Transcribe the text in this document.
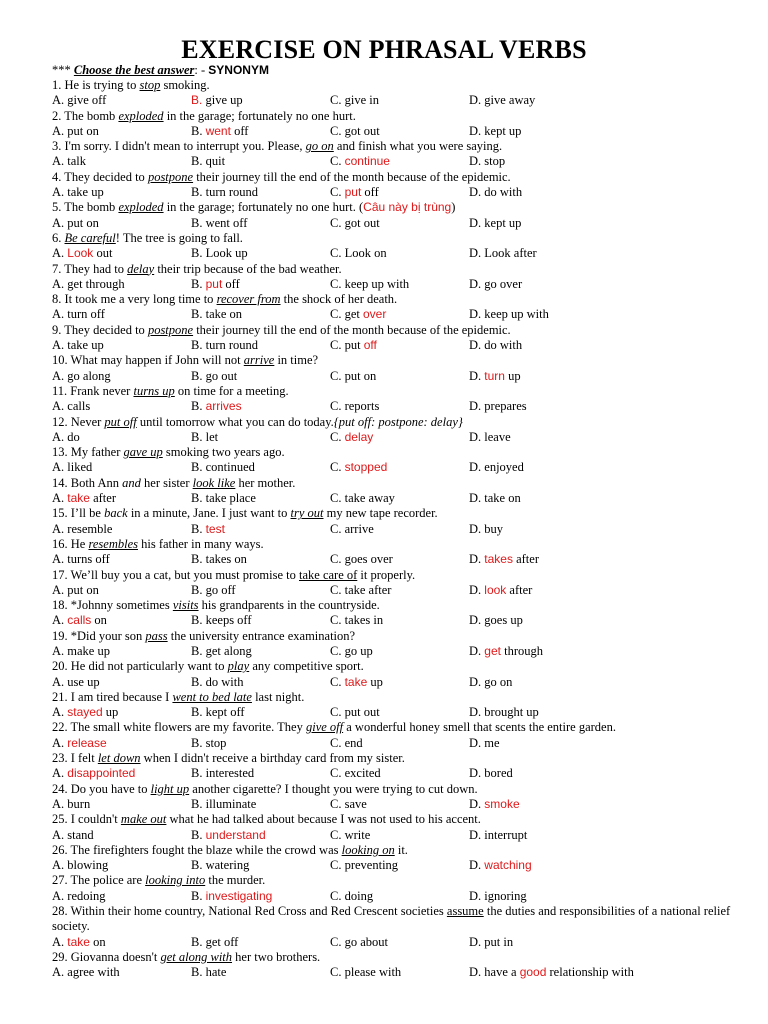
EXERCISE ON PHRASAL VERBS
*** Choose the best answer: - SYNONYM
1. He is trying to stop smoking.
A. give off	B. give up	C. give in	D. give away
2. The bomb exploded in the garage; fortunately no one hurt.
A. put on	B. went off	C. got out	D. kept up
3. I'm sorry. I didn't mean to interrupt you. Please, go on and finish what you were saying.
A. talk	B. quit	C. continue	D. stop
4. They decided to postpone their journey till the end of the month because of the epidemic.
A. take up	B. turn round	C. put off	D. do with
5. The bomb exploded in the garage; fortunately no one hurt. (Câu này bị trùng)
A. put on	B. went off	C. got out	D. kept up
6. Be careful! The tree is going to fall.
A. Look out	B. Look up	C. Look on	D. Look after
7. They had to delay their trip because of the bad weather.
A. get through	B. put off	C. keep up with	D. go over
8. It took me a very long time to recover from the shock of her death.
A. turn off	B. take on	C. get over	D. keep up with
9. They decided to postpone their journey till the end of the month because of the epidemic.
A. take up	B. turn round	C. put off	D. do with
10. What may happen if John will not arrive in time?
A. go along	B. go out	C. put on	D. turn up
11. Frank never turns up on time for a meeting.
A. calls	B. arrives	C. reports	D. prepares
12. Never put off until tomorrow what you can do today.{put off: postpone: delay}
A. do	B. let	C. delay	D. leave
13. My father gave up smoking two years ago.
A. liked	B. continued	C. stopped	D. enjoyed
14. Both Ann and her sister look like her mother.
A. take after	B. take place	C. take away	D. take on
15. I’ll be back in a minute, Jane. I just want to try out my new tape recorder.
A. resemble	B. test	C. arrive	D. buy
16. He resembles his father in many ways.
A. turns off	B. takes on	C. goes over	D. takes after
17. We’ll buy you a cat, but you must promise to take care of it properly.
A. put on	B. go off	C. take after	D. look after
18. *Johnny sometimes visits his grandparents in the countryside.
A. calls on	B. keeps off	C. takes in	D. goes up
19. *Did your son pass the university entrance examination?
A. make up	B. get along	C. go up	D. get through
20. He did not particularly want to play any competitive sport.
A. use up	B. do with	C. take up	D. go on
21. I am tired because I went to bed late last night.
A. stayed up	B. kept off	C. put out	D. brought up
22. The small white flowers are my favorite. They give off a wonderful honey smell that scents the entire garden.
A. release	B. stop	C. end	D. me
23. I felt let down when I didn't receive a birthday card from my sister.
A. disappointed	B. interested	C. excited	D. bored
24. Do you have to light up another cigarette? I thought you were trying to cut down.
A. burn	B. illuminate	C. save	D. smoke
25. I couldn't make out what he had talked about because I was not used to his accent.
A. stand	B. understand	C. write	D. interrupt
26. The firefighters fought the blaze while the crowd was looking on it.
A. blowing	B. watering	C. preventing	D. watching
27. The police are looking into the murder.
A. redoing	B. investigating	C. doing	D. ignoring
28. Within their home country, National Red Cross and Red Crescent societies assume the duties and responsibilities of a national relief society.
A. take on	B. get off	C. go about	D. put in
29. Giovanna doesn't get along with her two brothers.
A. agree with	B. hate	C. please with	D. have a good relationship with
